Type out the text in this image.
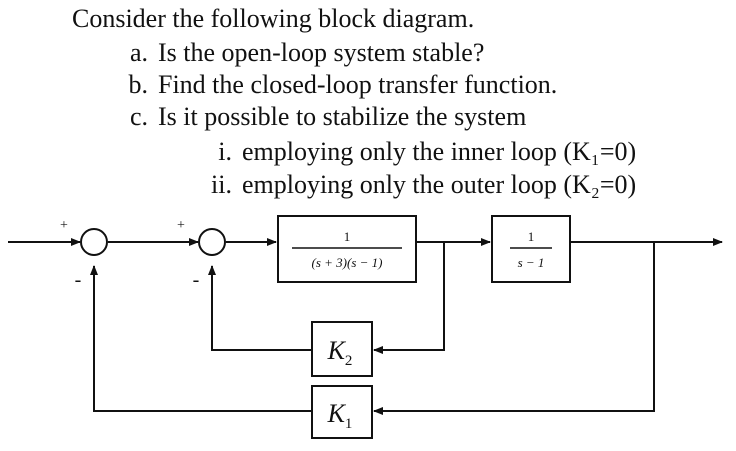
Consider the following block diagram.
a. Is the open-loop system stable?
b. Find the closed-loop transfer function.
c. Is it possible to stabilize the system
i. employing only the inner loop (K₁=0)
ii. employing only the outer loop (K₂=0)
+
-
+
-
1
(s + 3)(s − 1)
1
s − 1
$K_2$
$K_1$
